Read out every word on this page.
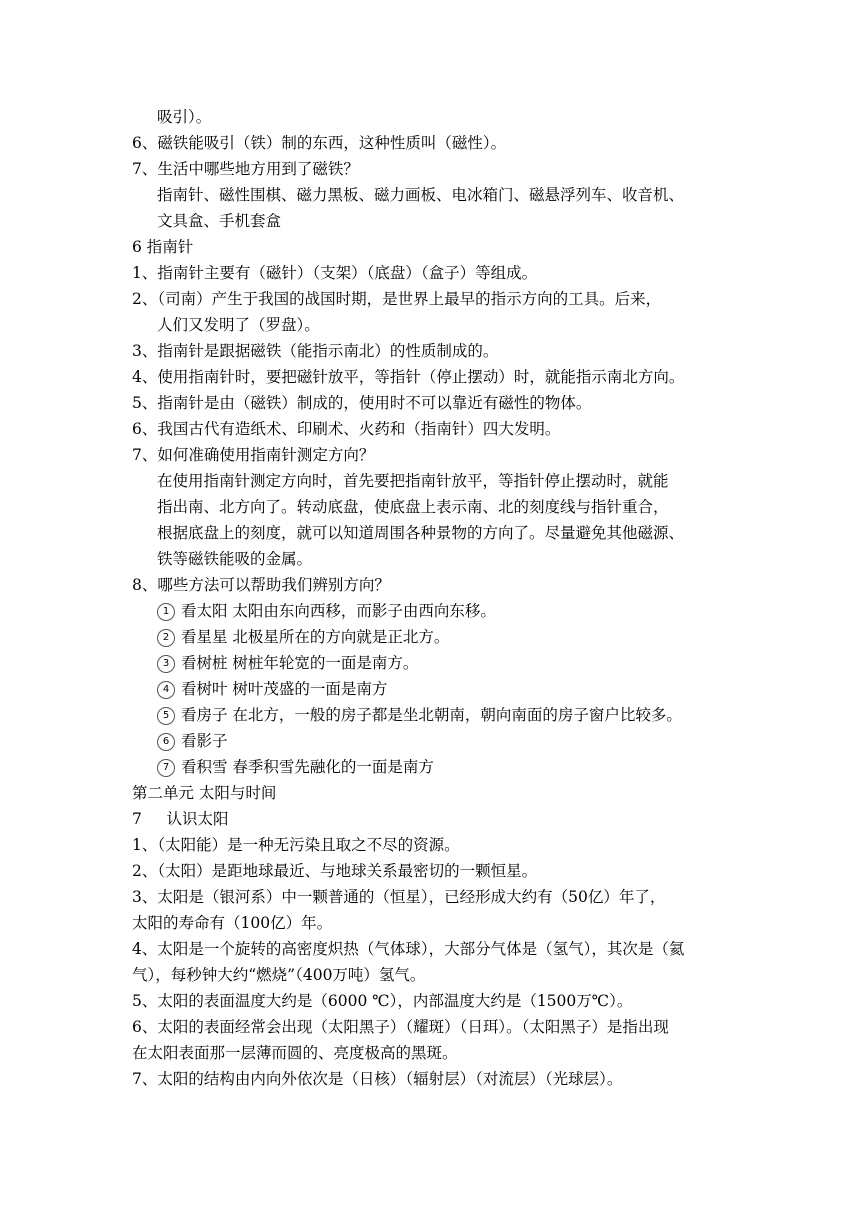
吸引）。
6、磁铁能吸引（铁）制的东西，这种性质叫（磁性）。
7、生活中哪些地方用到了磁铁？
指南针、磁性围棋、磁力黑板、磁力画板、电冰箱门、磁悬浮列车、收音机、
文具盒、手机套盒
6 指南针
1、指南针主要有（磁针）（支架）（底盘）（盒子）等组成。
2、（司南）产生于我国的战国时期，是世界上最早的指示方向的工具。后来，
人们又发明了（罗盘）。
3、指南针是跟据磁铁（能指示南北）的性质制成的。
4、使用指南针时，要把磁针放平，等指针（停止摆动）时，就能指示南北方向。
5、指南针是由（磁铁）制成的，使用时不可以靠近有磁性的物体。
6、我国古代有造纸术、印刷术、火药和（指南针）四大发明。
7、如何准确使用指南针测定方向？
在使用指南针测定方向时，首先要把指南针放平，等指针停止摆动时，就能
指出南、北方向了。转动底盘，使底盘上表示南、北的刻度线与指针重合，
根据底盘上的刻度，就可以知道周围各种景物的方向了。尽量避免其他磁源、
铁等磁铁能吸的金属。
8、哪些方法可以帮助我们辨别方向？
1 看太阳 太阳由东向西移，而影子由西向东移。
2 看星星 北极星所在的方向就是正北方。
3 看树桩 树桩年轮宽的一面是南方。
4 看树叶 树叶茂盛的一面是南方
5 看房子 在北方，一般的房子都是坐北朝南，朝向南面的房子窗户比较多。
6 看影子
7 看积雪 春季积雪先融化的一面是南方
第二单元 太阳与时间
7     认识太阳
1、（太阳能）是一种无污染且取之不尽的资源。
2、（太阳）是距地球最近、与地球关系最密切的一颗恒星。
3、太阳是（银河系）中一颗普通的（恒星），已经形成大约有（50亿）年了，
太阳的寿命有（100亿）年。
4、太阳是一个旋转的高密度炽热（气体球），大部分气体是（氢气），其次是（氦
气），每秒钟大约“燃烧”（400万吨）氢气。
5、太阳的表面温度大约是（6000 ℃），内部温度大约是（1500万℃）。
6、太阳的表面经常会出现（太阳黑子）（耀斑）（日珥）。（太阳黑子）是指出现
在太阳表面那一层薄而圆的、亮度极高的黑斑。
7、太阳的结构由内向外依次是（日核）（辐射层）（对流层）（光球层）。
